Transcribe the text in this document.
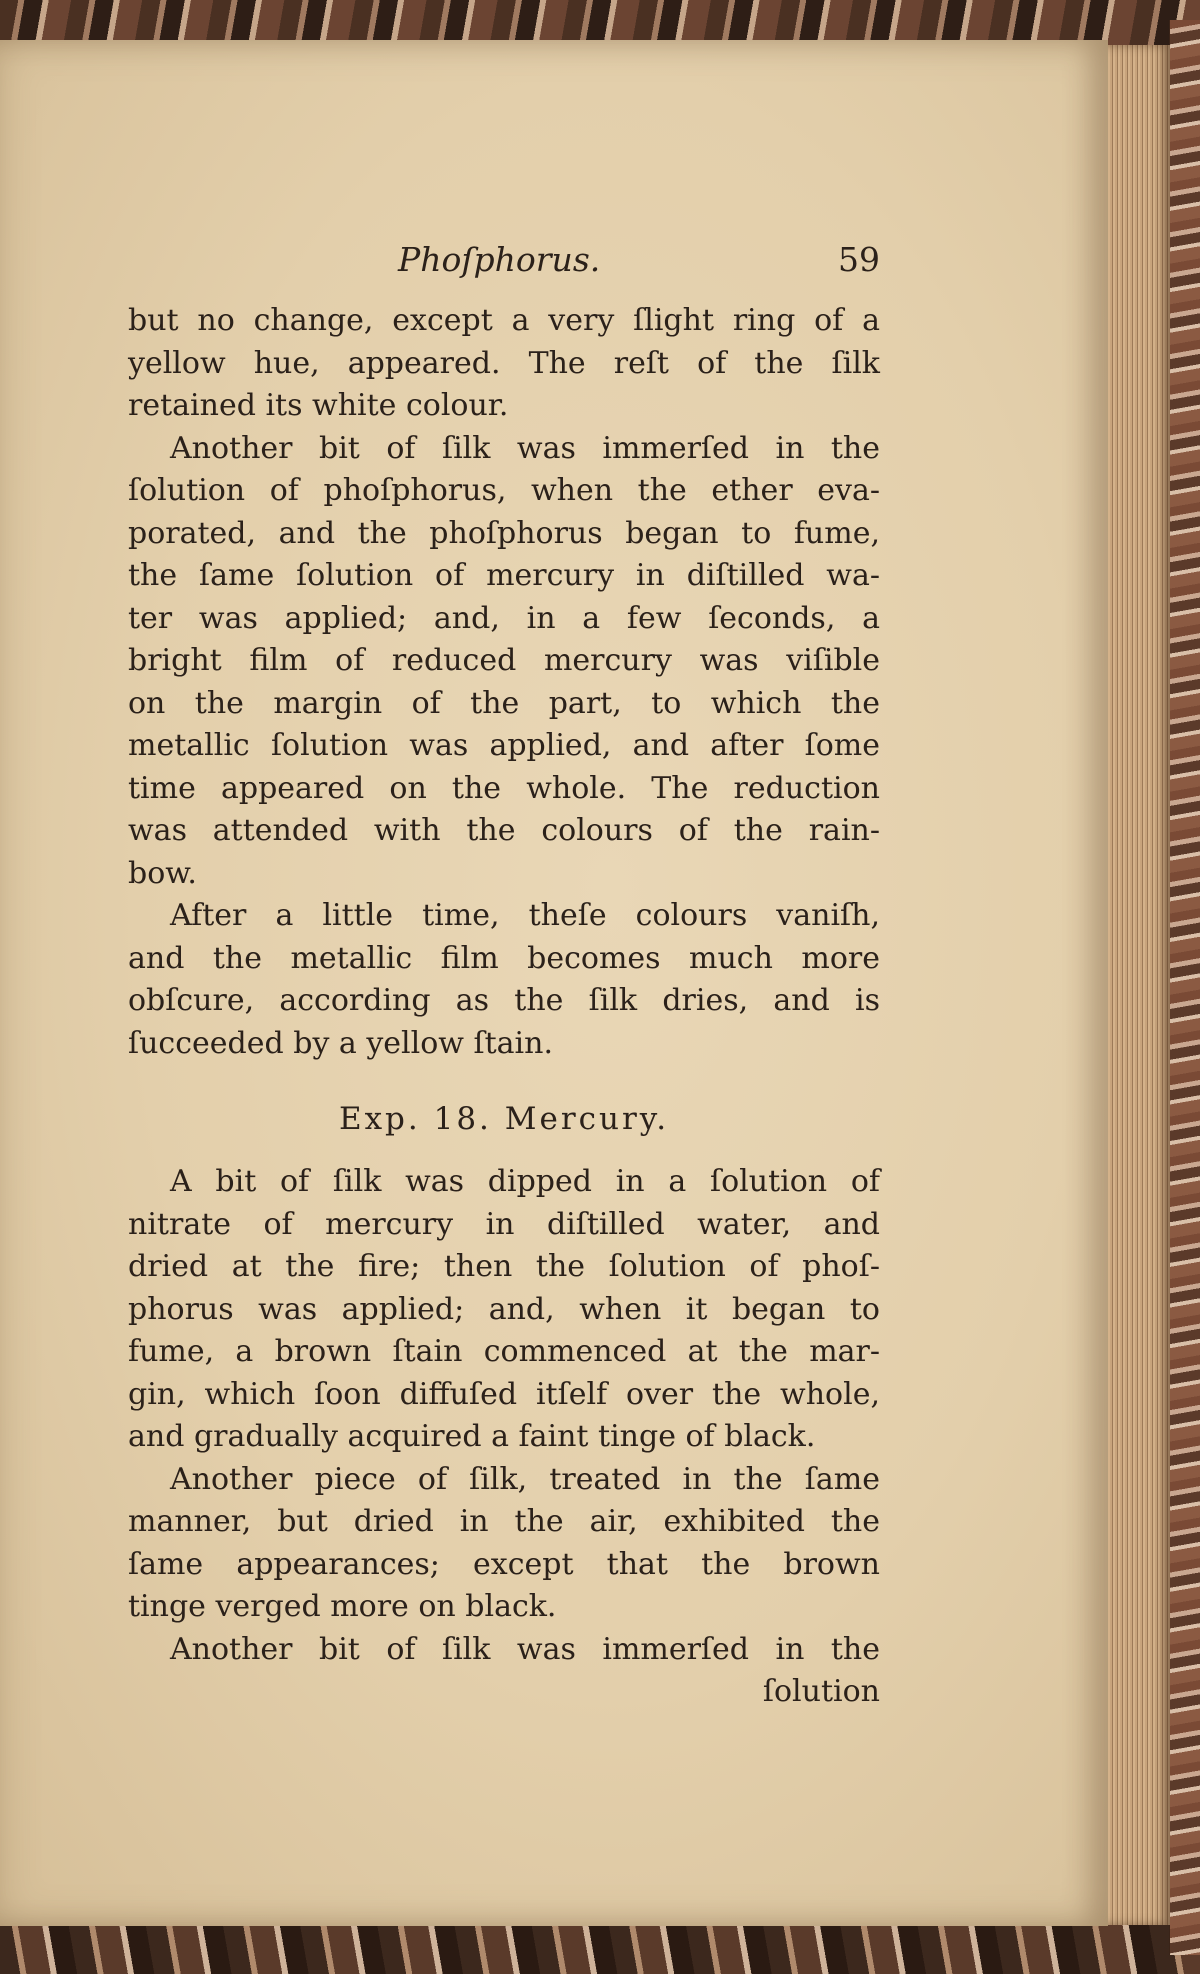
Phoſphorus.	59
but no change, except a very ſlight ring of a
yellow hue, appeared. The reſt of the ſilk
retained its white colour.
Another bit of ſilk was immerſed in the
ſolution of phoſphorus, when the ether eva-
porated, and the phoſphorus began to fume,
the ſame ſolution of mercury in diſtilled wa-
ter was applied; and, in a few ſeconds, a
bright film of reduced mercury was viſible
on the margin of the part, to which the
metallic ſolution was applied, and after ſome
time appeared on the whole. The reduction
was attended with the colours of the rain-
bow.
After a little time, theſe colours vaniſh,
and the metallic film becomes much more
obſcure, according as the ſilk dries, and is
ſucceeded by a yellow ſtain.
Exp. 18. Mercury.
A bit of ſilk was dipped in a ſolution of
nitrate of mercury in diſtilled water, and
dried at the fire; then the ſolution of phoſ-
phorus was applied; and, when it began to
fume, a brown ſtain commenced at the mar-
gin, which ſoon diffuſed itſelf over the whole,
and gradually acquired a faint tinge of black.
Another piece of ſilk, treated in the ſame
manner, but dried in the air, exhibited the
ſame appearances; except that the brown
tinge verged more on black.
Another bit of ſilk was immerſed in the
ſolution
